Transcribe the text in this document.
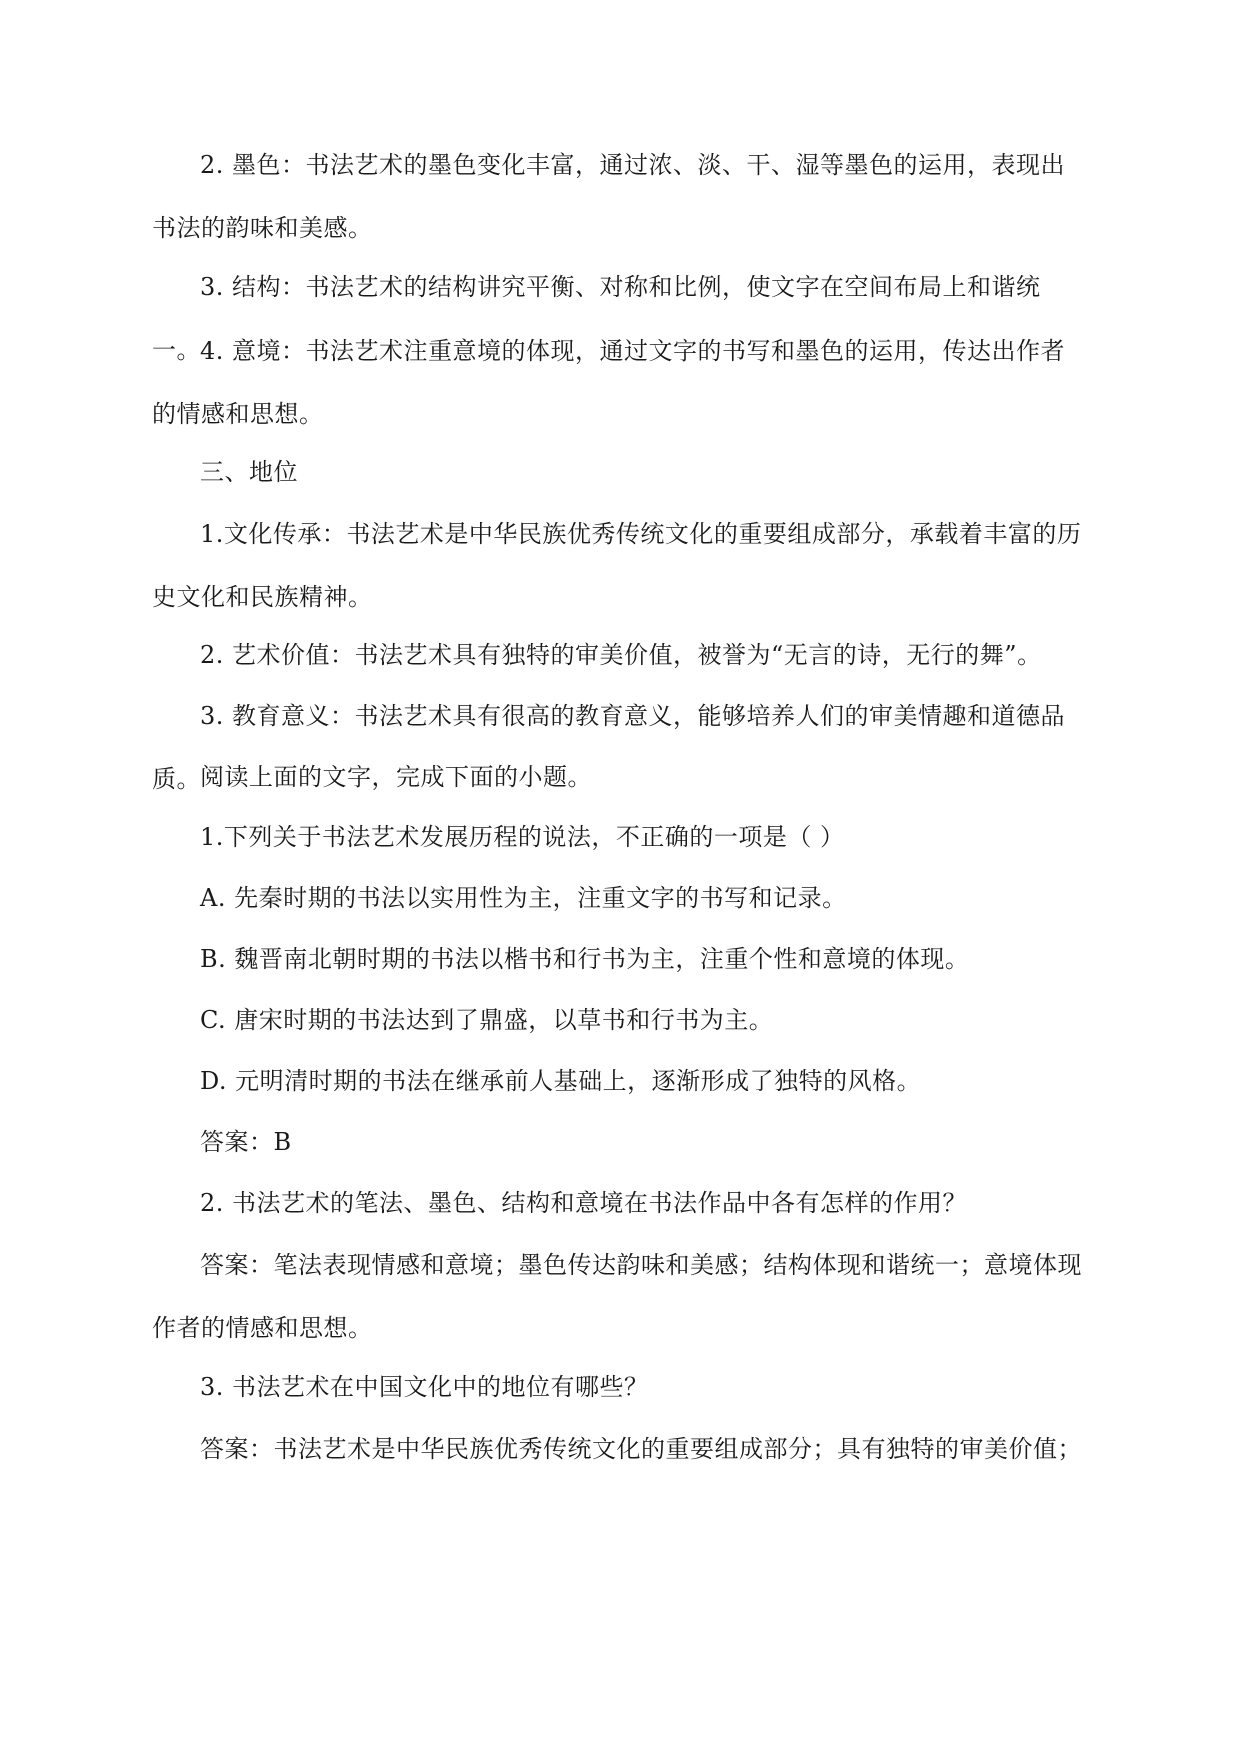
2. 墨色：书法艺术的墨色变化丰富，通过浓、淡、干、湿等墨色的运用，表现出书法的韵味和美感。

3. 结构：书法艺术的结构讲究平衡、对称和比例，使文字在空间布局上和谐统一。 4. 意境：书法艺术注重意境的体现，通过文字的书写和墨色的运用，传达出作者的情感和思想。

三、地位

1.文化传承：书法艺术是中华民族优秀传统文化的重要组成部分，承载着丰富的历史文化和民族精神。

2. 艺术价值：书法艺术具有独特的审美价值，被誉为“无言的诗，无行的舞”。

3. 教育意义：书法艺术具有很高的教育意义，能够培养人们的审美情趣和道德品质。 阅读上面的文字，完成下面的小题。

1.下列关于书法艺术发展历程的说法，不正确的一项是（ ）

A. 先秦时期的书法以实用性为主，注重文字的书写和记录。

B. 魏晋南北朝时期的书法以楷书和行书为主，注重个性和意境的体现。

C. 唐宋时期的书法达到了鼎盛，以草书和行书为主。

D. 元明清时期的书法在继承前人基础上，逐渐形成了独特的风格。

答案：B

2. 书法艺术的笔法、墨色、结构和意境在书法作品中各有怎样的作用？

答案：笔法表现情感和意境；墨色传达韵味和美感；结构体现和谐统一；意境体现作者的情感和思想。

3. 书法艺术在中国文化中的地位有哪些？

答案：书法艺术是中华民族优秀传统文化的重要组成部分；具有独特的审美价值；
